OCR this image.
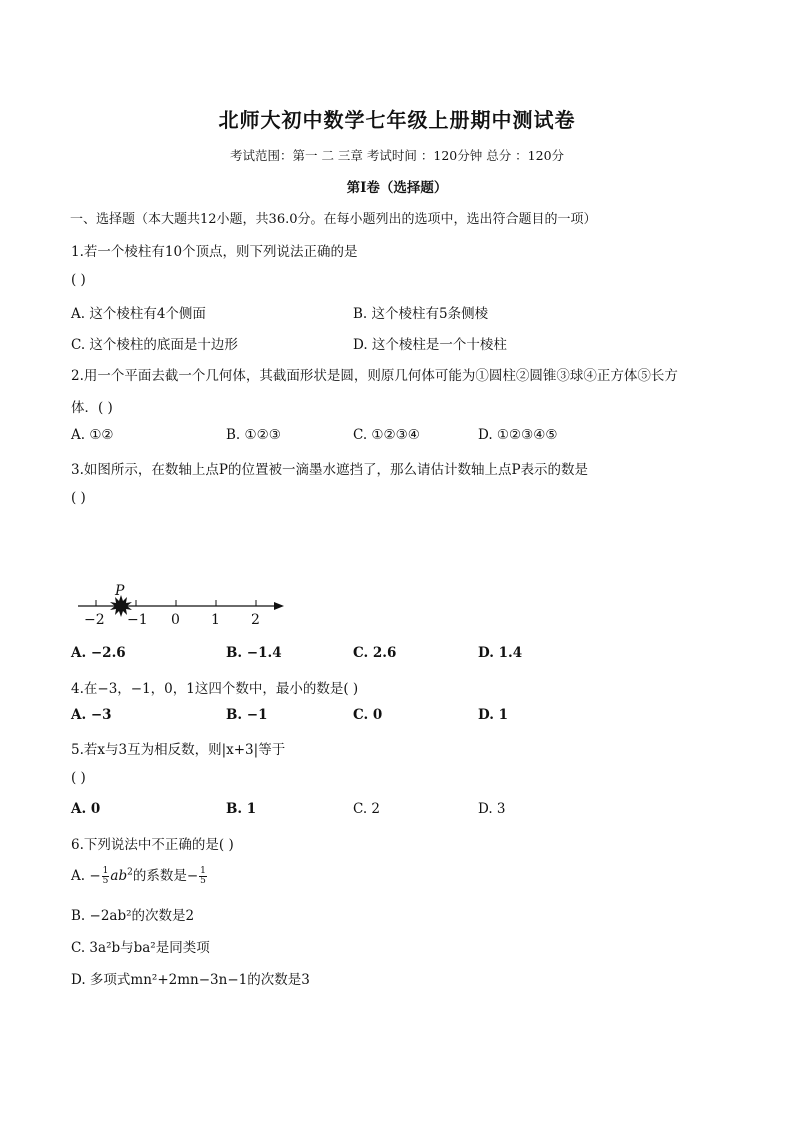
北师大初中数学七年级上册期中测试卷
考试范围：第一 二 三章 考试时间 ：120分钟 总分 ：120分
第I卷（选择题）
一、选择题（本大题共12小题，共36.0分。在每小题列出的选项中，选出符合题目的一项）
1.若一个棱柱有10个顶点，则下列说法正确的是
( )
A. 这个棱柱有4个侧面	B. 这个棱柱有5条侧棱
C. 这个棱柱的底面是十边形	D. 这个棱柱是一个十棱柱
2.用一个平面去截一个几何体，其截面形状是圆，则原几何体可能为①圆柱②圆锥③球④正方体⑤长方
体．( )
A. ①②	B. ①②③	C. ①②③④	D. ①②③④⑤
3.如图所示，在数轴上点P的位置被一滴墨水遮挡了，那么请估计数轴上点P表示的数是
( )
P
−2 −1 0 1 2
A. −2.6	B. −1.4	C. 2.6	D. 1.4
4.在−3，−1，0，1这四个数中，最小的数是( )
A. −3	B. −1	C. 0	D. 1
5.若x与3互为相反数，则|x+3|等于
( )
A. 0	B. 1	C. 2	D. 3
6.下列说法中不正确的是( )
A. − $\frac{1}{5} ab^2$的系数是− $\frac{1}{5}$
B. −2ab²的次数是2
C. 3a²b与ba²是同类项
D. 多项式mn²+2mn−3n−1的次数是3
